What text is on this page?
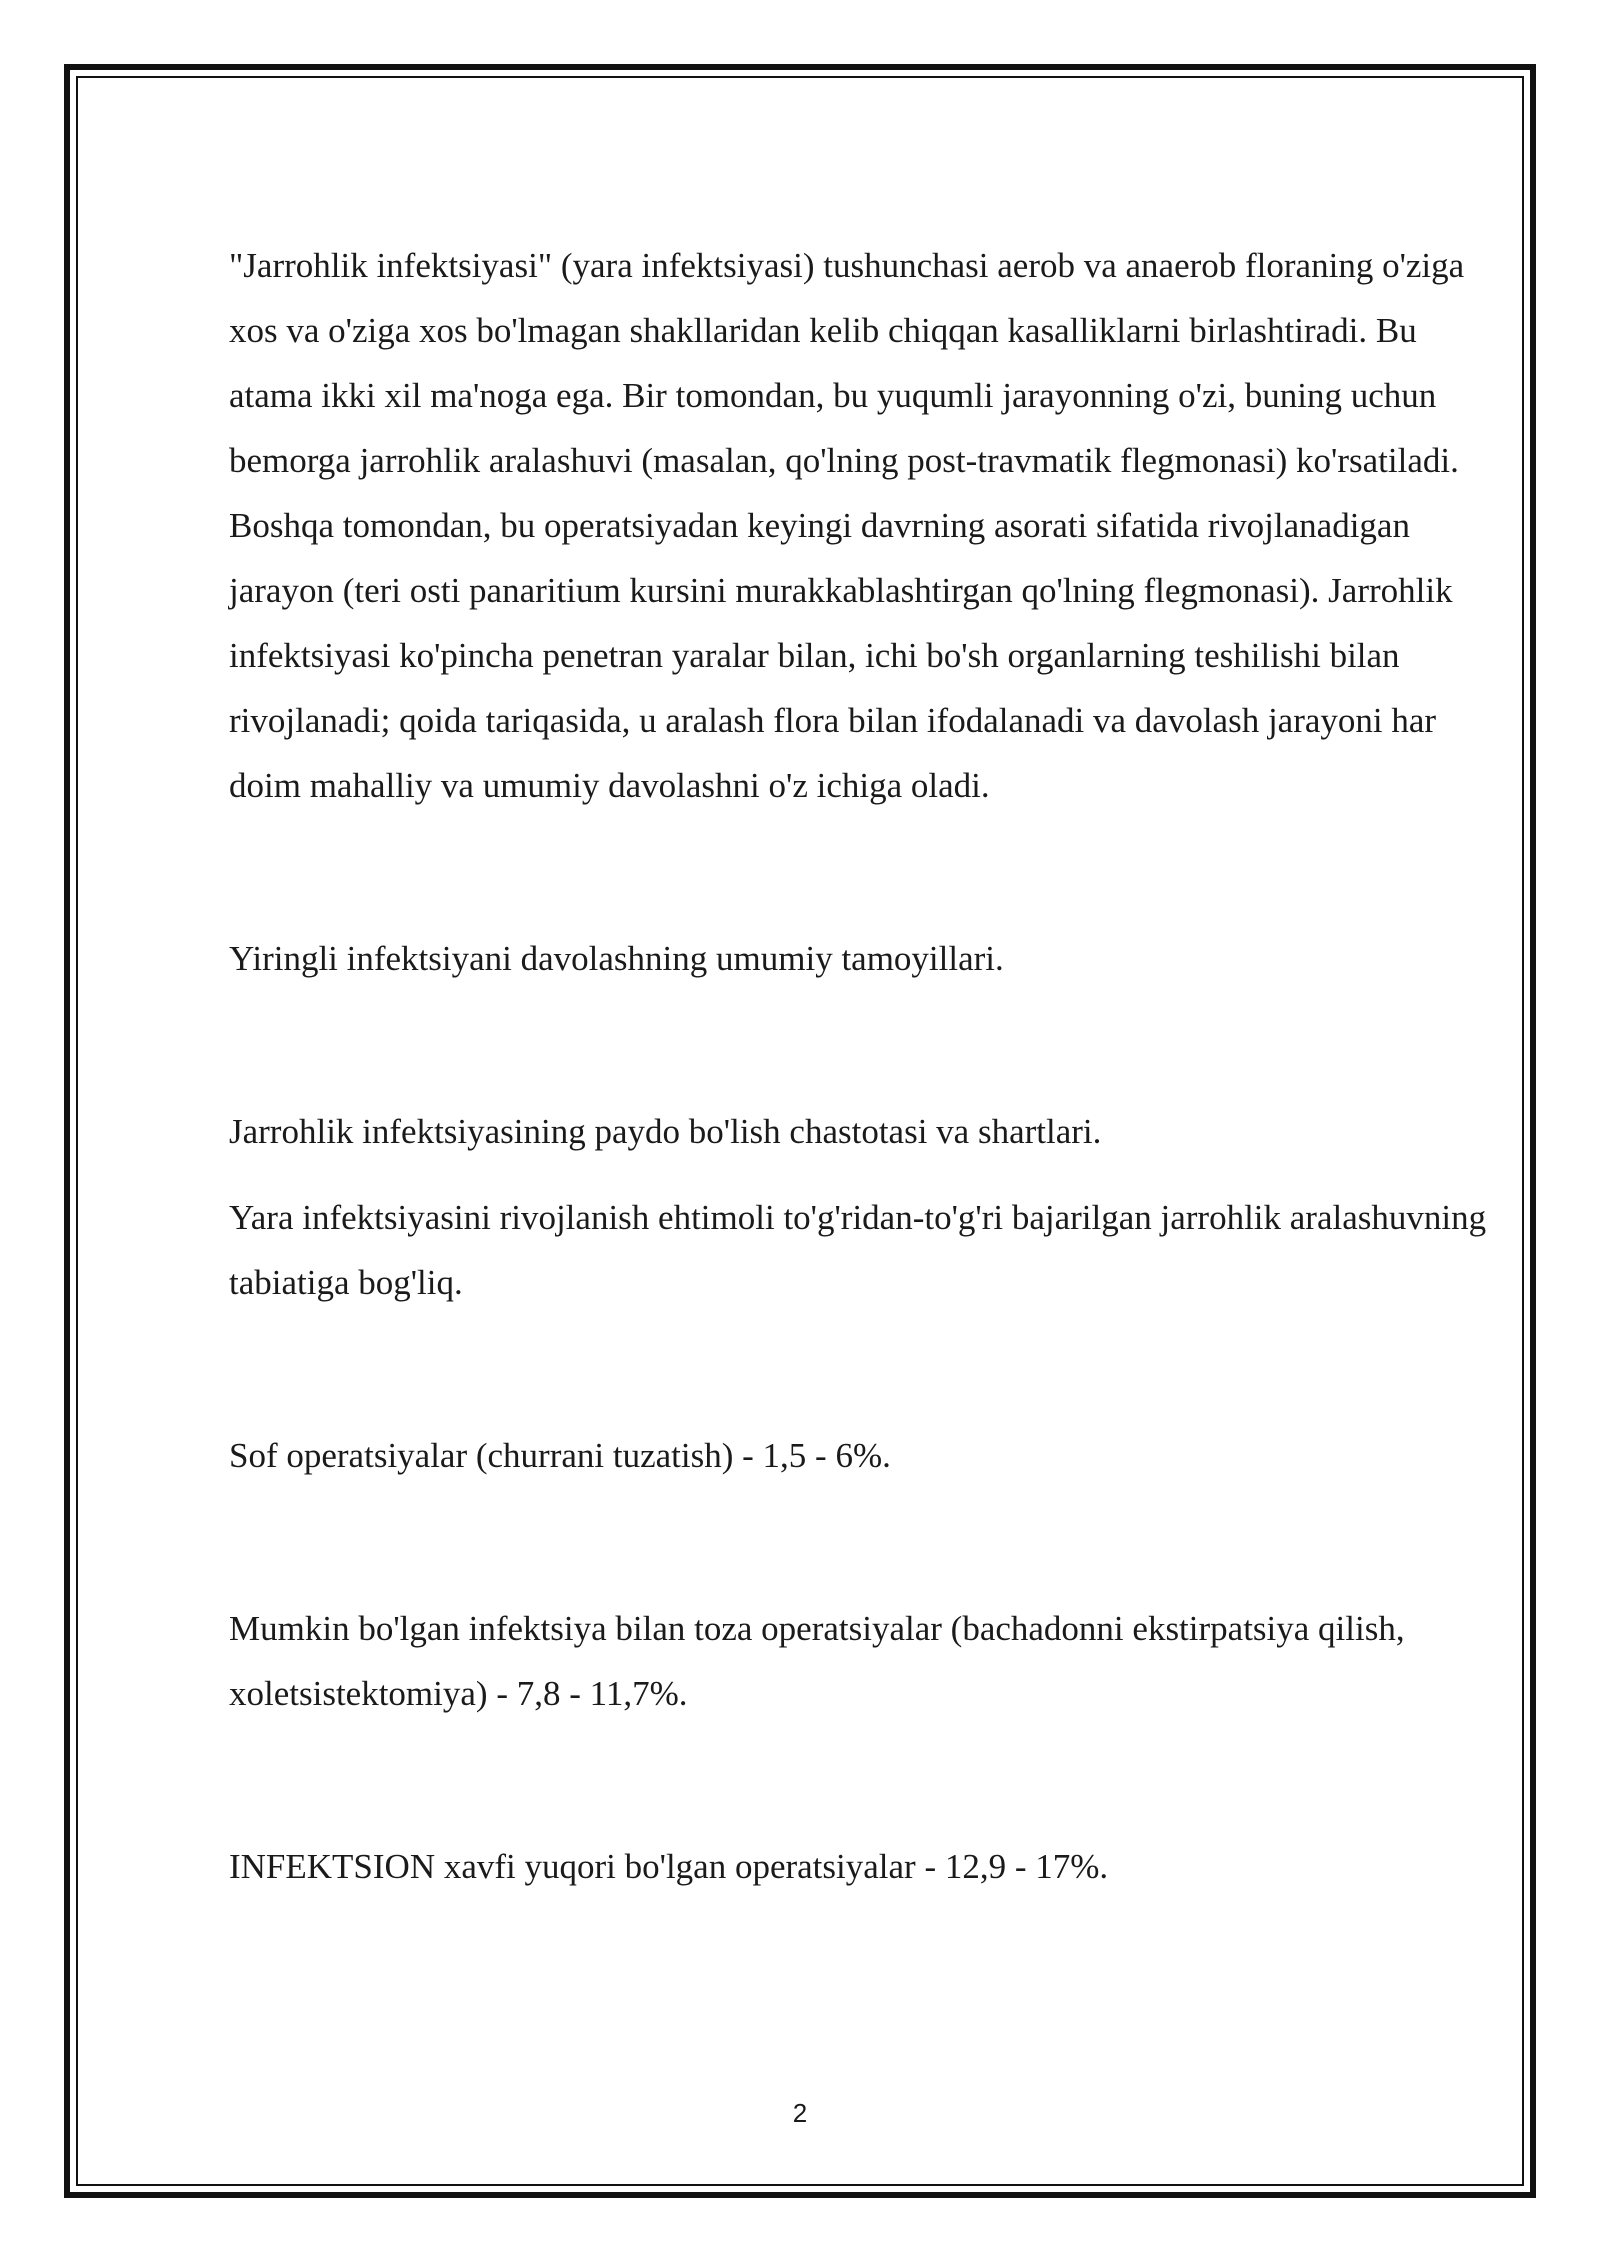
"Jarrohlik infektsiyasi" (yara infektsiyasi) tushunchasi aerob va anaerob floraning o'ziga xos va o'ziga xos bo'lmagan shakllaridan kelib chiqqan kasalliklarni birlashtiradi. Bu atama ikki xil ma'noga ega. Bir tomondan, bu yuqumli jarayonning o'zi, buning uchun bemorga jarrohlik aralashuvi (masalan, qo'lning post-travmatik flegmonasi) ko'rsatiladi. Boshqa tomondan, bu operatsiyadan keyingi davrning asorati sifatida rivojlanadigan jarayon (teri osti panaritium kursini murakkablashtirgan qo'lning flegmonasi). Jarrohlik infektsiyasi ko'pincha penetran yaralar bilan, ichi bo'sh organlarning teshilishi bilan rivojlanadi; qoida tariqasida, u aralash flora bilan ifodalanadi va davolash jarayoni har doim mahalliy va umumiy davolashni o'z ichiga oladi.

Yiringli infektsiyani davolashning umumiy tamoyillari.

Jarrohlik infektsiyasining paydo bo'lish chastotasi va shartlari.

Yara infektsiyasini rivojlanish ehtimoli to'g'ridan-to'g'ri bajarilgan jarrohlik aralashuvning tabiatiga bog'liq.

Sof operatsiyalar (churrani tuzatish) - 1,5 - 6%.

Mumkin bo'lgan infektsiya bilan toza operatsiyalar (bachadonni ekstirpatsiya qilish, xoletsistektomiya) - 7,8 - 11,7%.

INFEKTSION xavfi yuqori bo'lgan operatsiyalar - 12,9 - 17%.

2
